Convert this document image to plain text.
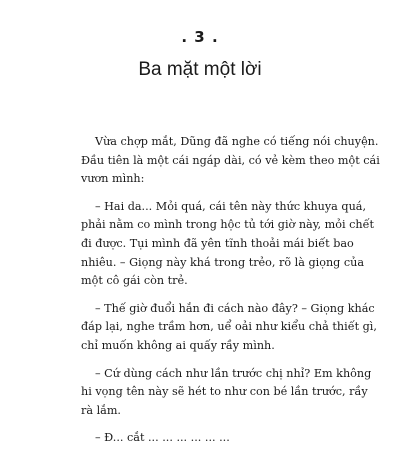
. 3 .
Ba mặt một lời

Vừa chợp mắt, Dũng đã nghe có tiếng nói chuyện.
Đầu tiên là một cái ngáp dài, có vẻ kèm theo một cái
vươn mình:

– Hai da... Mỏi quá, cái tên này thức khuya quá,
phải nằm co mình trong hộc tủ tới giờ này, mỏi chết
đi được. Tụi mình đã yên tĩnh thoải mái biết bao
nhiêu. – Giọng này khá trong trẻo, rõ là giọng của
một cô gái còn trẻ.

– Thế giờ đuổi hắn đi cách nào đây? – Giọng khác
đáp lại, nghe trầm hơn, uể oải như kiểu chả thiết gì,
chỉ muốn không ai quấy rầy mình.

– Cứ dùng cách như lần trước chị nhỉ? Em không
hi vọng tên này sẽ hét to như con bé lần trước, rầy
rà lắm.

– Đ... cắt ... ... ... ... ... ...
